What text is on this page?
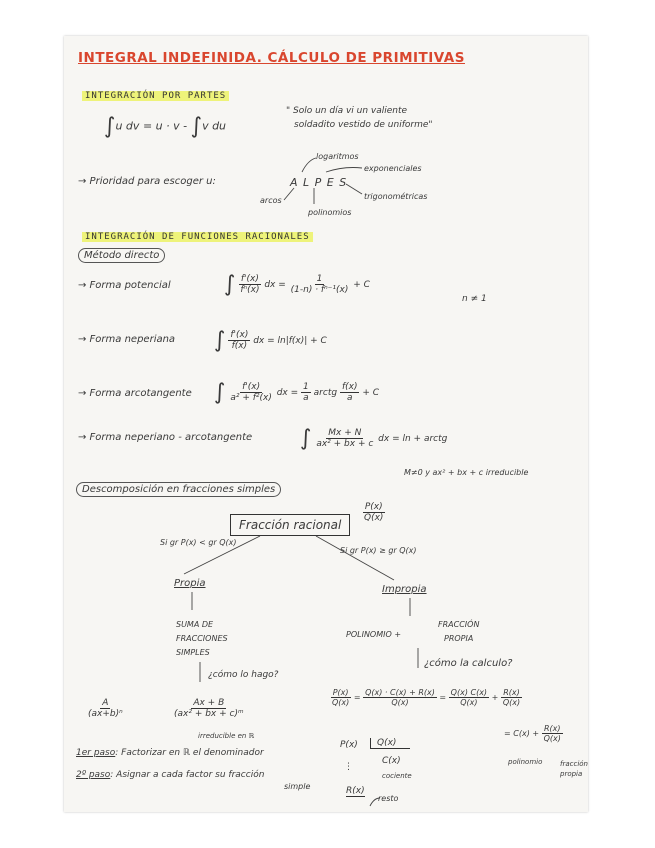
INTEGRAL INDEFINIDA. CÁLCULO DE PRIMITIVAS
INTEGRACIÓN POR PARTES
∫u dv = u · v - ∫v du
" Solo un día vi un valiente
soldadito vestido de uniforme"
→ Prioridad para escoger u:	A L P E S
logaritmos
exponenciales
trigonométricas
arcos
polinomios
INTEGRACIÓN DE FUNCIONES RACIONALES
Método directo
→ Forma potencial ∫ $\frac{f'(x)}{\text{fⁿ(x)}}$ dx = $\frac{1}{\text{(1-n) · fⁿ⁻¹(x)}} + C$
n ≠ 1
→ Forma neperiana ∫ $\frac{f'(x)}{f(x)}$ dx = ln|f(x)| + C
→ Forma arcotangente ∫ $\frac{f'(x)}{\text{a² + f²(x)}}$ dx = $\frac{1}{a}$ arctg $\frac{f(x)}{a} + C$
→ Forma neperiano - arcotangente ∫ $\frac{Mx + N}{\text{ax² + bx + c}}$ dx = ln + arctg
M≠0 y ax² + bx + c irreducible
Descomposición en fracciones simples
Fracción racional
$\frac{P(x)}{Q(x)}$
Si gr P(x) < gr Q(x)
Si gr P(x) ≥ gr Q(x)
Propia
Impropia
SUMA DE
FRACCIONES
SIMPLES
POLINOMIO +
FRACCIÓN
PROPIA
¿cómo lo hago?
¿cómo la calculo?
$\frac{A}{\text{(ax+b)ⁿ}}$	$\frac{Ax + B}{\text{(ax² + bx + c)ᵐ}}$
irreducible en ℝ
1er paso: Factorizar en ℝ el denominador
2º paso: Asignar a cada factor su fracción
simple
P(x)	Q(x)
C(x)
cociente
⋮
R(x)
resto
$\frac{P(x)}{Q(x)} = \frac{Q(x) \cdot C(x) + R(x)}{Q(x)} = \frac{Q(x) C(x)}{Q(x)} + \frac{R(x)}{Q(x)}$
= $C(x) + \frac{R(x)}{Q(x)}$
polinomio	fracción
propia
